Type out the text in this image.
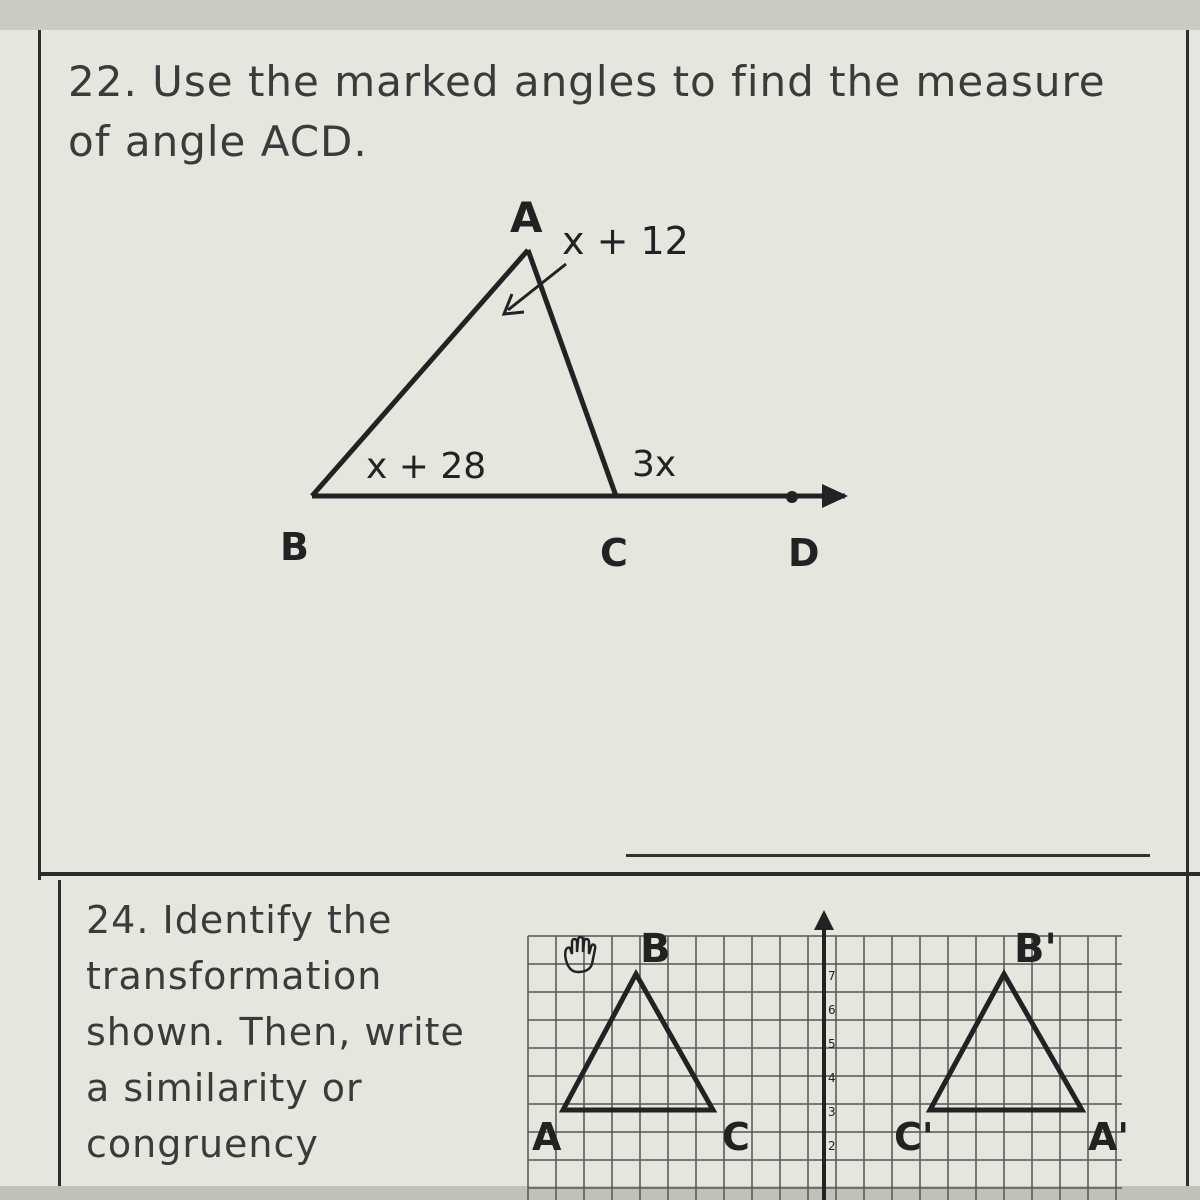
22. Use the marked angles to find the measure
of angle ACD.
A
B	C	D
x + 12
x + 28	3x
B
A	C
B'
C'	A'
7
6
5
4
3
2
24. Identify the
transformation
shown. Then, write
a similarity or
congruency
